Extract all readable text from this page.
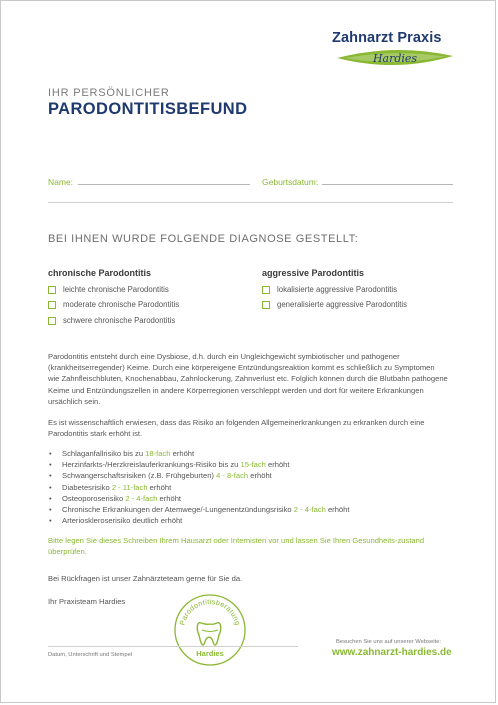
Zahnarzt Praxis
Hardies
IHR PERSÖNLICHER
PARODONTITISBEFUND
Name:	Geburtsdatum:
BEI IHNEN WURDE FOLGENDE DIAGNOSE GESTELLT:
chronische Parodontitis
leichte chronische Parodontitis
moderate chronische Parodontitis
schwere chronische Parodontitis
aggressive Parodontitis
lokalisierte aggressive Parodontitis
generalisierte aggressive Parodontitis
Parodontitis entsteht durch eine Dysbiose, d.h. durch ein Ungleichgewicht symbiotischer und pathogener (krankheitserregender) Keime. Durch eine körpereigene Entzündungsreaktion kommt es schließlich zu Symptomen wie Zahnfleischbluten, Knochenabbau, Zahnlockerung, Zahnverlust etc. Folglich können durch die Blutbahn pathogene Keime und Entzündungszellen in andere Körperregionen verschleppt werden und dort für weitere Erkrankungen ursächlich sein.
Es ist wissenschaftlich erwiesen, dass das Risiko an folgenden Allgemeinerkrankungen zu erkranken durch eine Parodontitis stark erhöht ist.
• Schlaganfallrisiko bis zu 18-fach erhöht
• Herzinfarkts-/Herzkreislauferkrankungs-Risiko bis zu 15-fach erhöht
• Schwangerschaftsrisiken (z.B. Frühgeburten) 4 - 8-fach erhöht
• Diabetesrisiko 2 - 11-fach erhöht
• Osteoporoserisiko 2 - 4-fach erhöht
• Chronische Erkrankungen der Atemwege/-Lungenentzündungsrisiko 2 - 4-fach erhöht
• Arterioskleroserisiko deutlich erhöht
Bitte legen Sie dieses Schreiben Ihrem Hausarzt oder Internisten vor und lassen Sie Ihren Gesundheits-zustand überprüfen.
Bei Rückfragen ist unser Zahnärzteteam gerne für Sie da.
Ihr Praxisteam Hardies
Parodontitisberatung
Hardies
Datum, Unterschrift und Stempel
Besuchen Sie uns auf unserer Webseite:
www.zahnarzt-hardies.de
